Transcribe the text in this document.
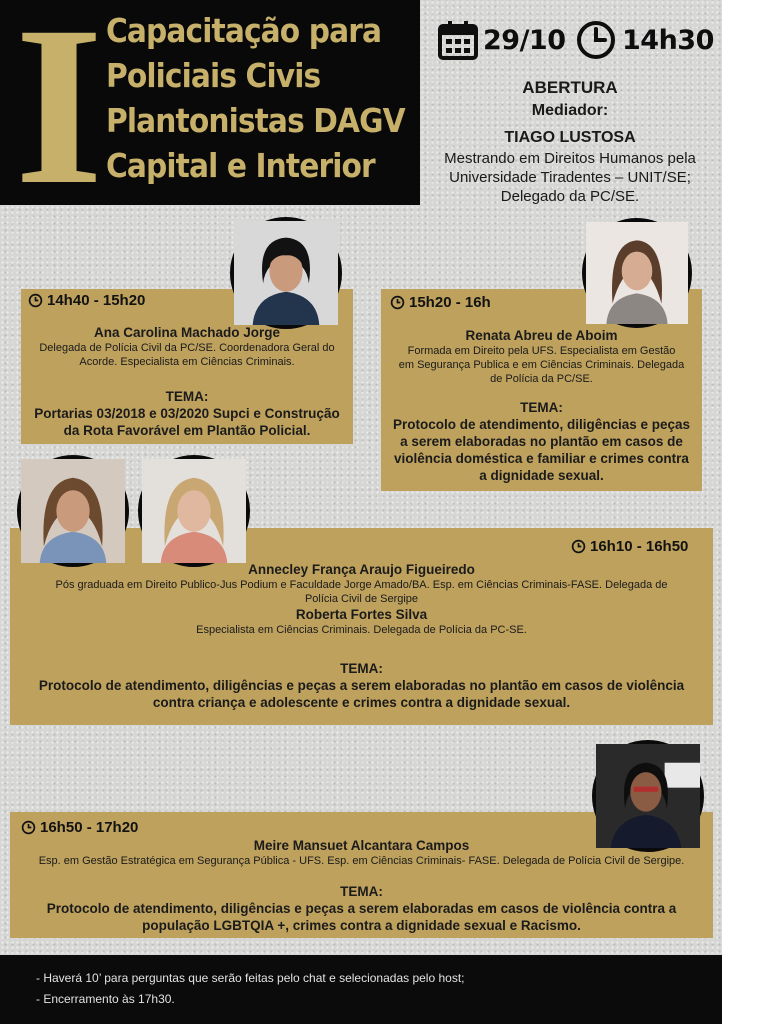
I Capacitação para
Policiais Civis
Plantonistas DAGV
Capital e Interior
29/10 14h30
ABERTURA
Mediador:
TIAGO LUSTOSA
Mestrando em Direitos Humanos pela
Universidade Tiradentes – UNIT/SE;
Delegado da PC/SE.
14h40 - 15h20
Ana Carolina Machado Jorge
Delegada de Polícia Civil da PC/SE. Coordenadora Geral do
Acorde. Especialista em Ciências Criminais.
TEMA:
Portarias 03/2018 e 03/2020 Supci e Construção
da Rota Favorável em Plantão Policial.
15h20 - 16h
Renata Abreu de Aboim
Formada em Direito pela UFS. Especialista em Gestão
em Segurança Publica e em Ciências Criminais. Delegada
de Polícia da PC/SE.
TEMA:
Protocolo de atendimento, diligências e peças
a serem elaboradas no plantão em casos de
violência doméstica e familiar e crimes contra
a dignidade sexual.
16h10 - 16h50
Annecley França Araujo Figueiredo
Pós graduada em Direito Publico-Jus Podium e Faculdade Jorge Amado/BA. Esp. em Ciências Criminais-FASE. Delegada de
Polícia Civil de Sergipe
Roberta Fortes Silva
Especialista em Ciências Criminais. Delegada de Polícia da PC-SE.
TEMA:
Protocolo de atendimento, diligências e peças a serem elaboradas no plantão em casos de violência
contra criança e adolescente e crimes contra a dignidade sexual.
16h50 - 17h20
Meire Mansuet Alcantara Campos
Esp. em Gestão Estratégica em Segurança Pública - UFS. Esp. em Ciências Criminais- FASE. Delegada de Polícia Civil de Sergipe.
TEMA:
Protocolo de atendimento, diligências e peças a serem elaboradas em casos de violência contra a
população LGBTQIA +, crimes contra a dignidade sexual e Racismo.
- Haverá 10’ para perguntas que serão feitas pelo chat e selecionadas pelo host;
- Encerramento às 17h30.
